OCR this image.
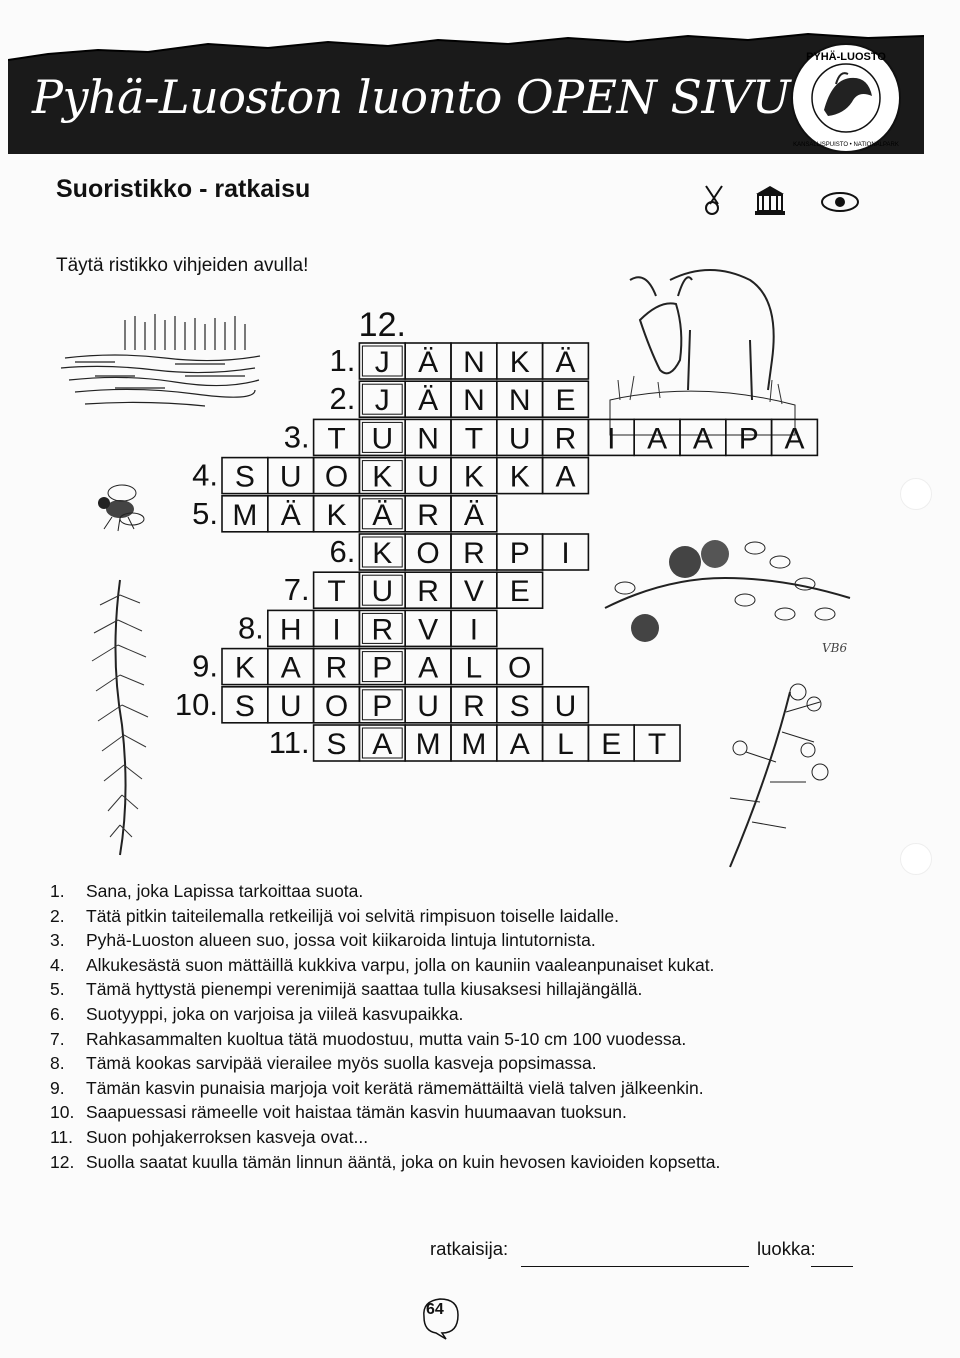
Pyhä-Luoston luonto OPEN SIVU
PYHÄ-LUOSTO
KANSALLISPUISTO • NATIONALPARK
Suoristikko - ratkaisu
Täytä ristikko vihjeiden avulla!
VB6
12.
1. J Ä N K Ä
2. J Ä N N E
3. T U N T U R I A A P A
4. S U O K U K K A
5. M Ä K Ä R Ä
6. K O R P I
7. T U R V E
8. H I R V I
9. K A R P A L O
10. S U O P U R S U
11. S A M M A L E T
1. Sana, joka Lapissa tarkoittaa suota.
2. Tätä pitkin taiteilemalla retkeilijä voi selvitä rimpisuon toiselle laidalle.
3. Pyhä-Luoston alueen suo, jossa voit kiikaroida lintuja lintutornista.
4. Alkukesästä suon mättäillä kukkiva varpu, jolla on kauniin vaaleanpunaiset kukat.
5. Tämä hyttystä pienempi verenimijä saattaa tulla kiusaksesi hillajängällä.
6. Suotyyppi, joka on varjoisa ja viileä kasvupaikka.
7. Rahkasammalten kuoltua tätä muodostuu, mutta vain 5-10 cm 100 vuodessa.
8. Tämä kookas sarvipää vierailee myös suolla kasveja popsimassa.
9. Tämän kasvin punaisia marjoja voit kerätä rämemättäiltä vielä talven jälkeenkin.
10. Saapuessasi rämeelle voit haistaa tämän kasvin huumaavan tuoksun.
11. Suon pohjakerroksen kasveja ovat...
12. Suolla saatat kuulla tämän linnun ääntä, joka on kuin hevosen kavioiden kopsetta.
ratkaisija:	luokka:
64
